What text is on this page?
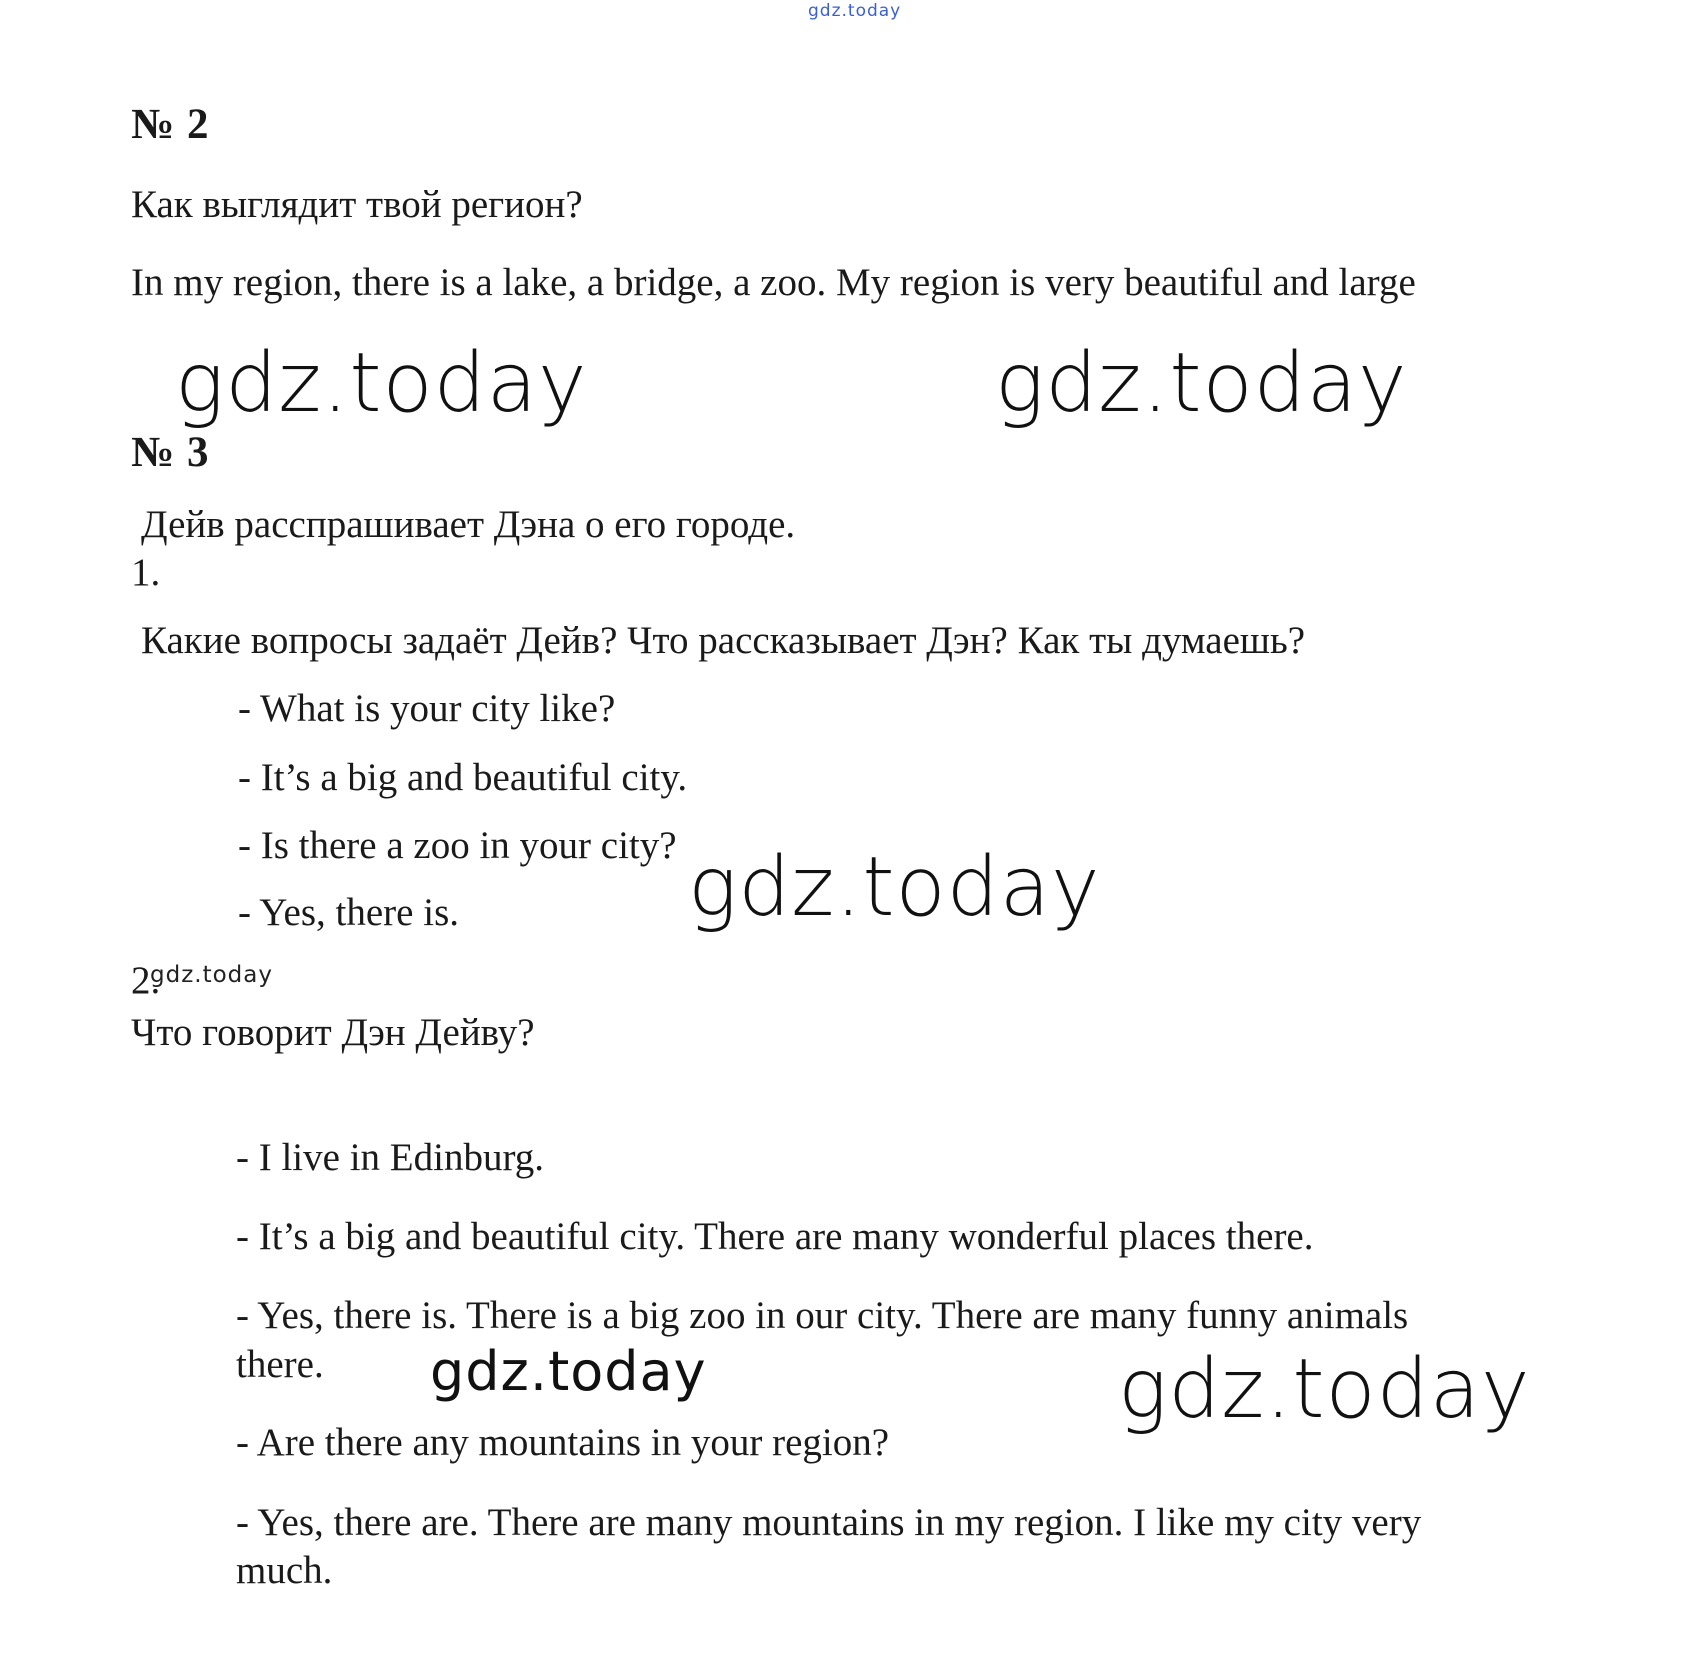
gdz.today
№ 2
Как выглядит твой регион?
In my region, there is a lake, a bridge, a zoo. My region is very beautiful and large
gdz.today	gdz.today
№ 3
Дейв расспрашивает Дэна о его городе.
1.
Какие вопросы задаёт Дейв? Что рассказывает Дэн? Как ты думаешь?
- What is your city like?
- It’s a big and beautiful city.
- Is there a zoo in your city?
- Yes, there is.	gdz.today
2.
gdz.today
Что говорит Дэн Дейву?
- I live in Edinburg.
- It’s a big and beautiful city. There are many wonderful places there.
- Yes, there is. There is a big zoo in our city. There are many funny animals
there.
- Are there any mountains in your region?
- Yes, there are. There are many mountains in my region. I like my city very
much.
gdz.today	gdz.today
